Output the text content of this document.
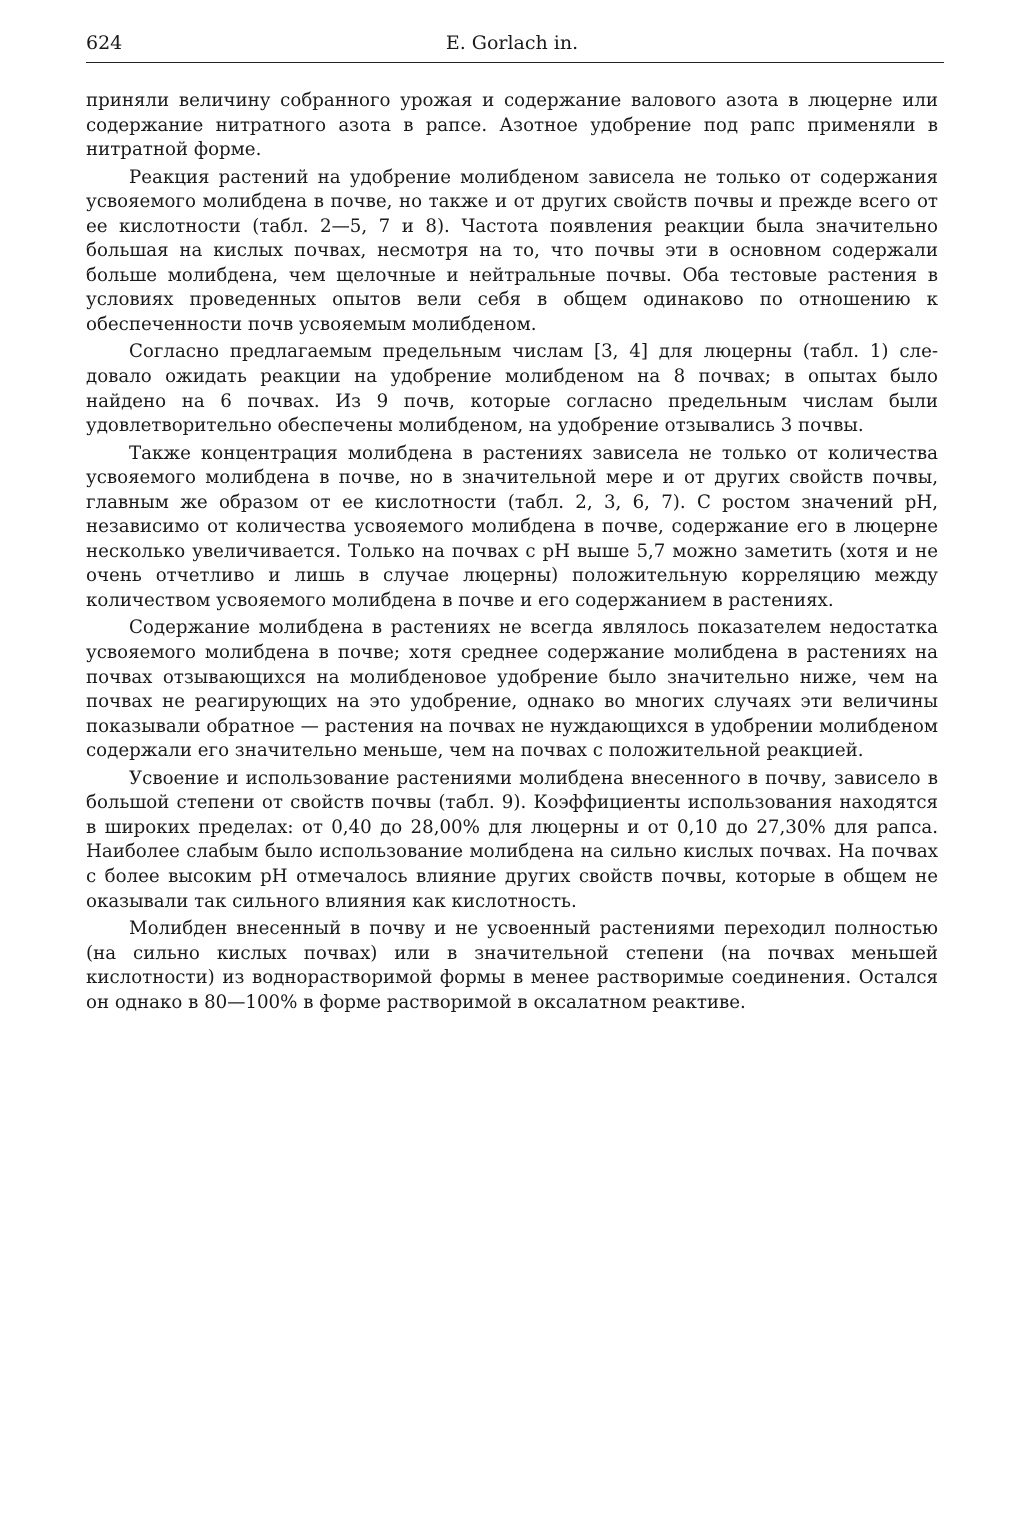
624	E. Gorlach in.

приняли величину собранного урожая и содержание валового азота в люцерне или содержание нитратного азота в рапсе. Азотное удобрение под рапс применяли в нитратной форме.

Реакция растений на удобрение молибденом зависела не только от содержания усвояемого молибдена в почве, но также и от других свойств почвы и прежде всего от ее кислотности (табл. 2—5, 7 и 8). Частота появления реакции была значительно большая на кислых почвах, несмотря на то, что почвы эти в основном содержали больше молибдена, чем щелочные и нейтральные почвы. Оба тестовые растения в условиях проведенных опытов вели себя в общем одинаково по отношению к обеспеченности почв усвояемым молибденом.

Согласно предлагаемым предельным числам [3, 4] для люцерны (табл. 1) следовало ожидать реакции на удобрение молибденом на 8 почвах; в опытах было найдено на 6 почвах. Из 9 почв, которые согласно предельным числам были удовлетворительно обеспечены молибденом, на удобрение отзывались 3 почвы.

Также концентрация молибдена в растениях зависела не только от количества усвояемого молибдена в почве, но в значительной мере и от других свойств почвы, главным же образом от ее кислотности (табл. 2, 3, 6, 7). С ростом значений pH, независимо от количества усвояемого молибдена в почве, содержание его в люцерне несколько увеличивается. Только на почвах с pH выше 5,7 можно заметить (хотя и не очень отчетливо и лишь в случае люцерны) положительную корреляцию между количеством усвояемого молибдена в почве и его содержанием в растениях.

Содержание молибдена в растениях не всегда являлось показателем недостатка усвояемого молибдена в почве; хотя среднее содержание молибдена в растениях на почвах отзывающихся на молибденовое удобрение было значительно ниже, чем на почвах не реагирующих на это удобрение, однако во многих случаях эти величины показывали обратное — растения на почвах не нуждающихся в удобрении молибденом содержали его значительно меньше, чем на почвах с положительной реакцией.

Усвоение и использование растениями молибдена внесенного в почву, зависело в большой степени от свойств почвы (табл. 9). Коэффициенты использования находятся в широких пределах: от 0,40 до 28,00% для люцерны и от 0,10 до 27,30% для рапса. Наиболее слабым было использование молибдена на сильно кислых почвах. На почвах с более высоким pH отмечалось влияние других свойств почвы, которые в общем не оказывали так сильного влияния как кислотность.

Молибден внесенный в почву и не усвоенный растениями переходил полностью (на сильно кислых почвах) или в значительной степени (на почвах меньшей кислотности) из воднорастворимой формы в менее растворимые соединения. Остался он однако в 80—100% в форме растворимой в оксалатном реактиве.
